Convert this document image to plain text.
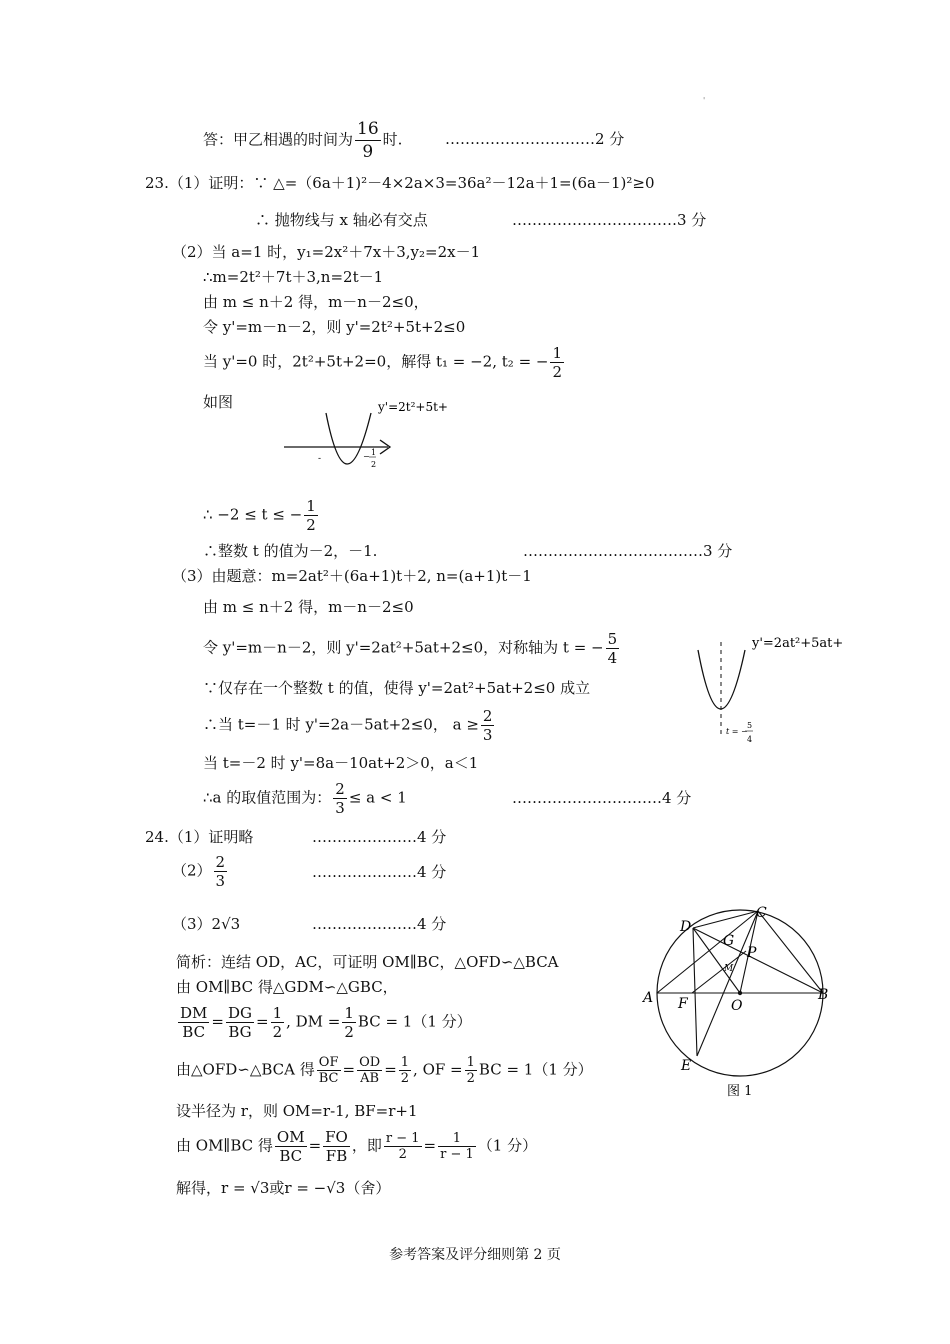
'
答：甲乙相遇的时间为 $\frac{16}{9}$ 时.	…………………………2 分
23.（1）证明：∵ △=（6a＋1)²－4×2a×3=36a²－12a＋1=(6a－1)²≥0
∴ 抛物线与 x 轴必有交点	……………………………3 分
（2）当 a=1 时，y₁=2x²＋7x＋3,y₂=2x－1
∴m=2t²＋7t＋3,n=2t－1
由 m ≤ n＋2 得，m－n－2≤0，
令 y'=m－n－2，则 y'=2t²+5t+2≤0
当 y'=0 时，2t²+5t+2=0，解得 t₁ = −2, t₂ = − $\frac{1}{2}$
如图	y'=2t²+5t+
-	− 1
2
∴ −2 ≤ t ≤ − $\frac{1}{2}$
∴整数 t 的值为－2，－1.	………………………………3 分
（3）由题意：m=2at²＋(6a+1)t＋2, n=(a+1)t－1
由 m ≤ n＋2 得，m－n－2≤0
令 y'=m－n－2，则 y'=2at²+5at+2≤0，对称轴为 t = − $\frac{5}{4}$	y'=2at²+5at+
t = −
5
4
∵仅存在一个整数 t 的值，使得 y'=2at²+5at+2≤0 成立
∴当 t=－1 时 y'=2a－5at+2≤0， $a \ge \frac{2}{3}$
当 t=－2 时 y'=8a－10at+2＞0，a＜1
∴a 的取值范围为： $\frac{2}{3} \le a < 1$	…………………………4 分
24.（1）证明略	…………………4 分
$(2) \frac{2}{3}$	…………………4 分
（3）2√3	…………………4 分
简析：连结 OD，AC，可证明 OM∥BC，△OFD∽△BCA
由 OM∥BC 得△GDM∽△GBC，
$\frac{DM}{BC} = \frac{DG}{BG} = \frac{1}{2}$ , DM = $\frac{1}{2}$ BC = 1（1 分）
由△OFD∽△BCA 得 $\frac{OF}{BC} = \frac{OD}{AB} = \frac{1}{2}$ , OF = $\frac{1}{2}$ BC = 1（1 分）
设半径为 r，则 OM=r-1, BF=r+1
由 OM∥BC 得 $\frac{OM}{BC} = \frac{FO}{FB}$ ，即 $\frac{r - 1}{2} = \frac{1}{r - 1} (1$ 分）
解得，r = √3或r = −√3（舍）
A	B
C
D
E
F
G
P
M
O
图 1
参考答案及评分细则第 2 页
